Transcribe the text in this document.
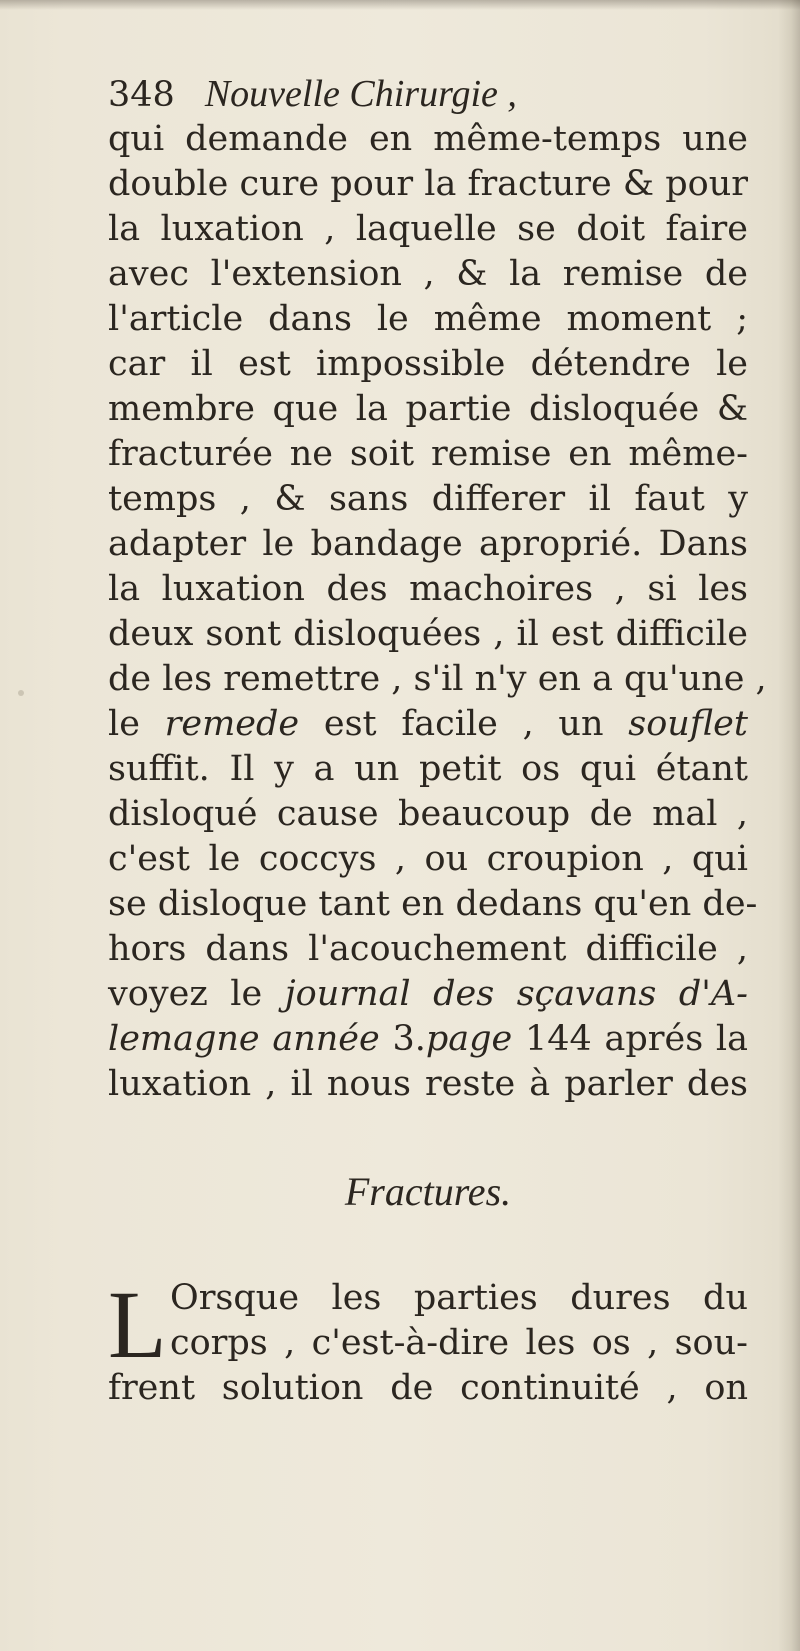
348 Nouvelle Chirurgie ,
qui demande en même-temps une
double cure pour la fracture & pour
la luxation , laquelle se doit faire
avec l'extension , & la remise de
l'article dans le même moment ;
car il est impossible détendre le
membre que la partie disloquée &
fracturée ne soit remise en même-
temps , & sans differer il faut y
adapter le bandage aproprié. Dans
la luxation des machoires , si les
deux sont disloquées , il est difficile
de les remettre , s'il n'y en a qu'une ,
le remede est facile , un souflet
suffit. Il y a un petit os qui étant
disloqué cause beaucoup de mal ,
c'est le coccys , ou croupion , qui
se disloque tant en dedans qu'en de-
hors dans l'acouchement difficile ,
voyez le journal des sçavans d'A-
lemagne année 3.page 144 aprés la
luxation , il nous reste à parler des
Fractures.
L Orsque les parties dures du
corps , c'est-à-dire les os , sou-
frent solution de continuité , on
